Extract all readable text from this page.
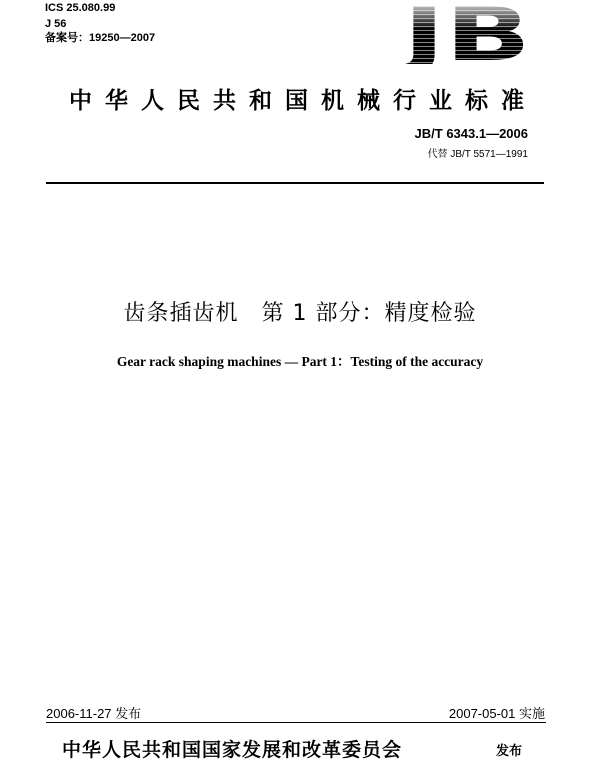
ICS 25.080.99
J 56
备案号：19250—2007
中华人民共和国机械行业标准
JB/T 6343.1—2006
代替 JB/T 5571—1991
齿条插齿机　第 1 部分：精度检验
Gear rack shaping machines — Part 1：Testing of the accuracy
2006-11-27 发布	2007-05-01 实施
中华人民共和国国家发展和改革委员会	发布
